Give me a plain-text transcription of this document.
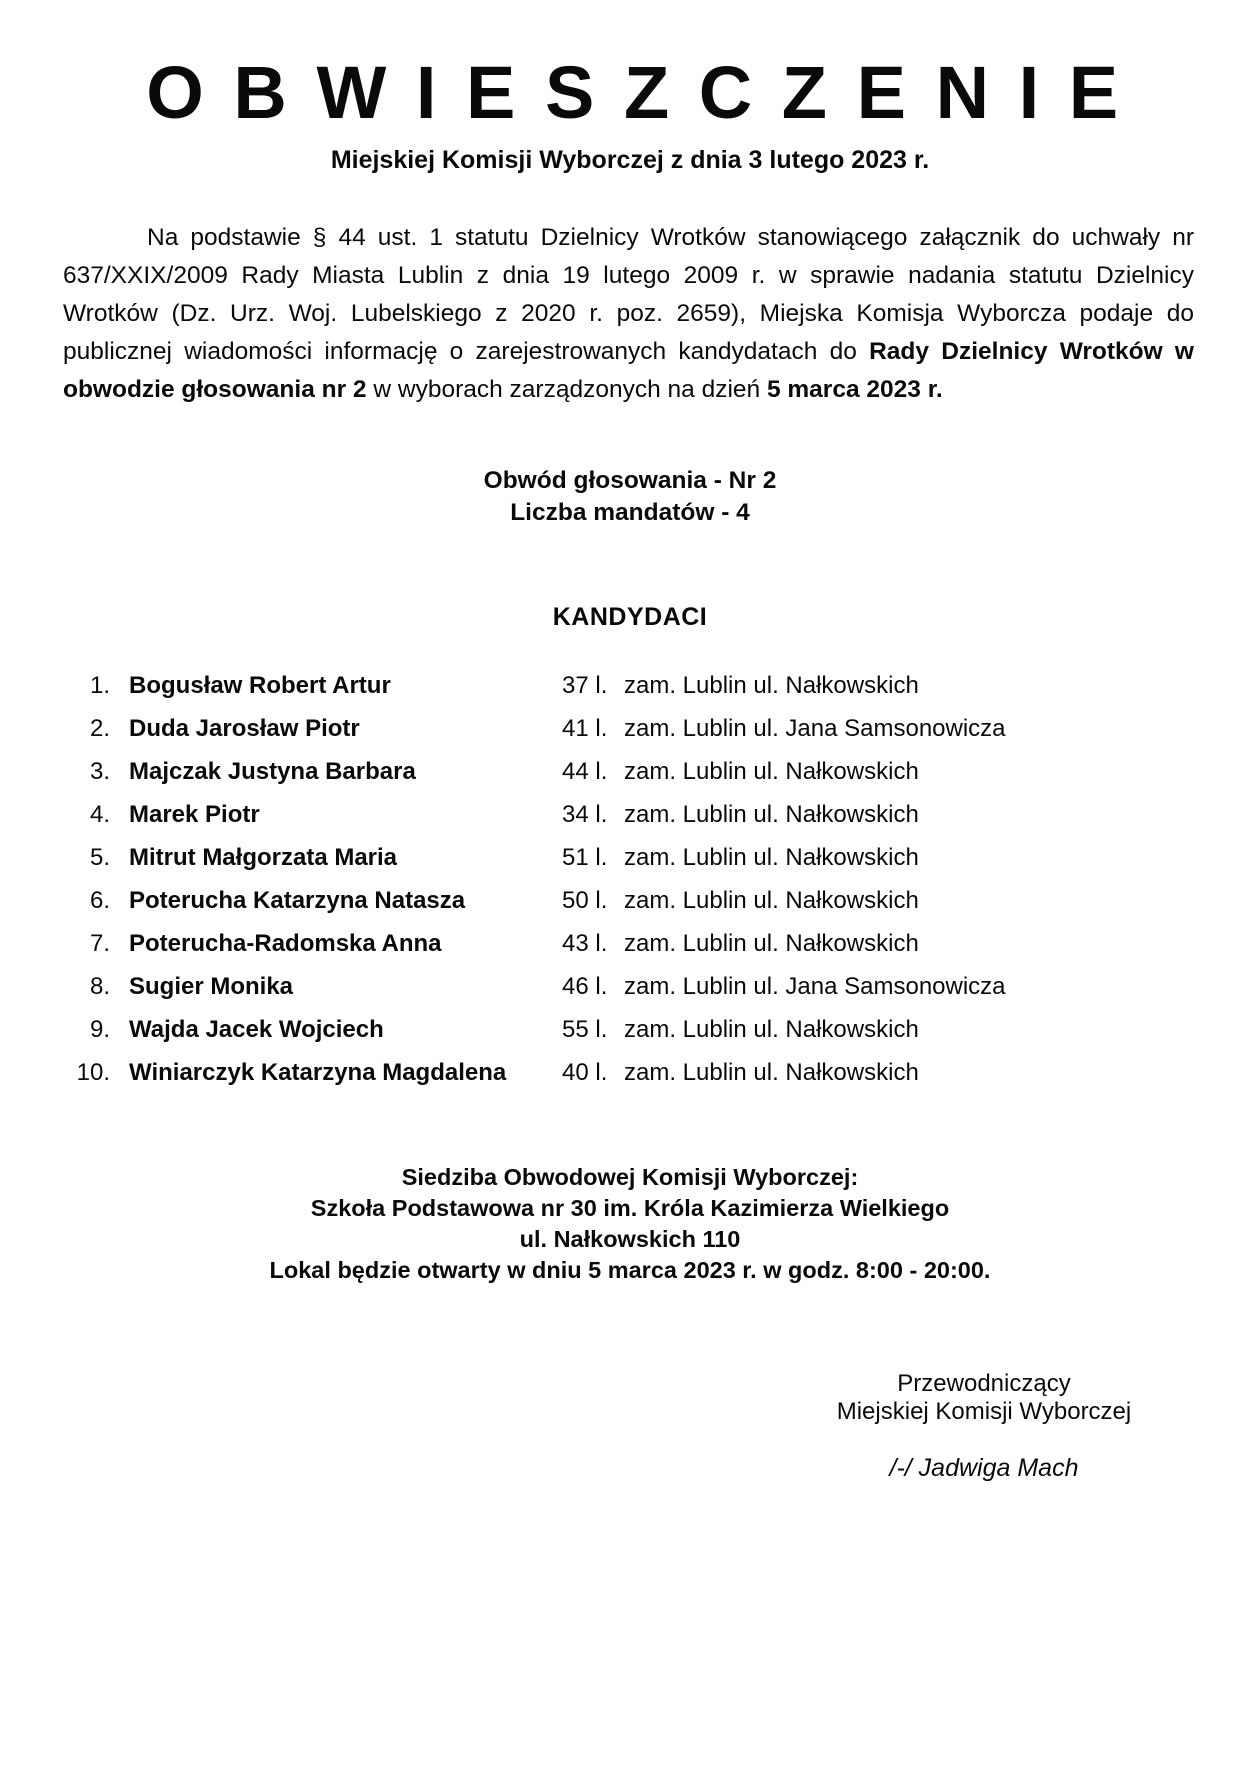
OBWIESZCZENIE
Miejskiej Komisji Wyborczej z dnia 3 lutego 2023 r.

Na podstawie § 44 ust. 1 statutu Dzielnicy Wrotków stanowiącego załącznik do uchwały nr 637/XXIX/2009 Rady Miasta Lublin z dnia 19 lutego 2009 r. w sprawie nadania statutu Dzielnicy Wrotków (Dz. Urz. Woj. Lubelskiego z 2020 r. poz. 2659), Miejska Komisja Wyborcza podaje do publicznej wiadomości informację o zarejestrowanych kandydatach do Rady Dzielnicy Wrotków w obwodzie głosowania nr 2 w wyborach zarządzonych na dzień 5 marca 2023 r.

Obwód głosowania - Nr 2
Liczba mandatów - 4
KANDYDACI
1. Bogusław Robert Artur	37 l. zam. Lublin ul. Nałkowskich
2. Duda Jarosław Piotr	41 l. zam. Lublin ul. Jana Samsonowicza
3. Majczak Justyna Barbara	44 l. zam. Lublin ul. Nałkowskich
4. Marek Piotr	34 l. zam. Lublin ul. Nałkowskich
5. Mitrut Małgorzata Maria	51 l. zam. Lublin ul. Nałkowskich
6. Poterucha Katarzyna Natasza	50 l. zam. Lublin ul. Nałkowskich
7. Poterucha-Radomska Anna	43 l. zam. Lublin ul. Nałkowskich
8. Sugier Monika	46 l. zam. Lublin ul. Jana Samsonowicza
9. Wajda Jacek Wojciech	55 l. zam. Lublin ul. Nałkowskich
10. Winiarczyk Katarzyna Magdalena	40 l. zam. Lublin ul. Nałkowskich
Siedziba Obwodowej Komisji Wyborczej:
Szkoła Podstawowa nr 30 im. Króla Kazimierza Wielkiego
ul. Nałkowskich 110
Lokal będzie otwarty w dniu 5 marca 2023 r. w godz. 8:00 - 20:00.
Przewodniczący
Miejskiej Komisji Wyborczej
/-/ Jadwiga Mach
